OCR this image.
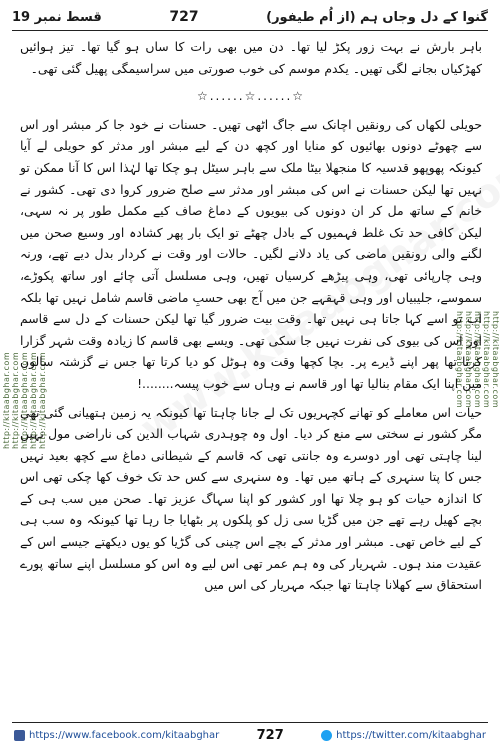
گنوا کے دل وجاں ہم (از اُم طیفور)
727
قسط نمبر 19
http://kitaabghar.com http://kitaabghar.com http://kitaabghar.com http://kitaabghar.com http://kitaabghar.com	http://kitaabghar.com
http://kitaabghar.com
http://kitaabghar.com
http://kitaabghar.com
http://kitaabghar.com

باہر بارش نے بہت زور پکڑ لیا تھا۔ دن میں بھی رات کا ساں ہو گیا تھا۔ تیز ہوائیں کھڑکیاں بجانے لگی تھیں۔ یکدم موسم کی خوب صورتی میں سراسیمگی پھیل گئی تھی۔

☆......☆......☆

حویلی لکھاں کی رونقیں اچانک سے جاگ اٹھی تھیں۔ حسنات نے خود جا کر مبشر اور اس سے چھوٹے دونوں بھائیوں کو منایا اور کچھ دن کے لیے مبشر اور مدثر کو حویلی لے آیا کیونکہ پھوپھو قدسیہ کا منجھلا بیٹا ملک سے باہر سیٹل ہو چکا تھا لہٰذا اس کا آنا ممکن تو نہیں تھا لیکن حسنات نے اس کی مبشر اور مدثر سے صلح ضرور کروا دی تھی۔ کشور نے خانم کے ساتھ مل کر ان دونوں کی بیویوں کے دماغ صاف کیے مکمل طور پر نہ سہی، لیکن کافی حد تک غلط فہمیوں کے بادل چھٹے تو ایک بار پھر کشادہ اور وسیع صحن میں لگنے والی رونقیں ماضی کی یاد دلانے لگیں۔ حالات اور وقت نے کردار بدل دیے تھے، ورنہ وہی چارپائی تھی، وہی پیڑھے کرسیاں تھیں، وہی مسلسل آتی چائے اور ساتھ پکوڑے، سموسے، جلیبیاں اور وہی قہقہے جن میں آج بھی حسبِ ماضی قاسم شامل نہیں تھا بلکہ اب تو اسے کہا جاتا ہی نہیں تھا۔ وقت بیت ضرور گیا تھا لیکن حسنات کے دل سے قاسم اور اس کی بیوی کی نفرت نہیں جا سکی تھی۔ ویسے بھی قاسم کا زیادہ وقت شہر گزارا کرتا تھا پھر اپنے ڈیرے پر۔ بچا کچھا وقت وہ ہوٹل کو دیا کرتا تھا جس نے گزشتہ سالوں میں اپنا ایک مقام بنالیا تھا اور قاسم نے وہاں سے خوب پیسہ........!

حیات اس معاملے کو تھانے کچہریوں تک لے جانا چاہتا تھا کیونکہ یہ زمین ہتھیانی گئی تھی مگر کشور نے سختی سے منع کر دیا۔ اول وہ چوہدری شہاب الدین کی ناراضی مول نہیں لینا چاہتی تھی اور دوسرے وہ جانتی تھی کہ قاسم کے شیطانی دماغ سے کچھ بعید نہیں جس کا پتا سنہری کے ہاتھ میں تھا۔ وہ سنہری سے کس حد تک خوف کھا چکی تھی اس کا اندازہ حیات کو ہو چلا تھا اور کشور کو اپنا سہاگ عزیز تھا۔ صحن میں سب ہی کے بچے کھیل رہے تھے جن میں گڑیا سی زل کو پلکوں پر بٹھایا جا رہا تھا کیونکہ وہ سب ہی کے لیے خاص تھی۔ مبشر اور مدثر کے بچے اس چینی کی گڑیا کو یوں دیکھتے جیسے اس کے عقیدت مند ہوں۔ شہریار کی وہ ہم عمر تھی اس لیے وہ اس کو مسلسل اپنے ساتھ پورے استحقاق سے کھلانا چاہتا تھا جبکہ مہریار کی اس میں

https://www.facebook.com/kitaabghar	727	https://twitter.com/kitaabghar
